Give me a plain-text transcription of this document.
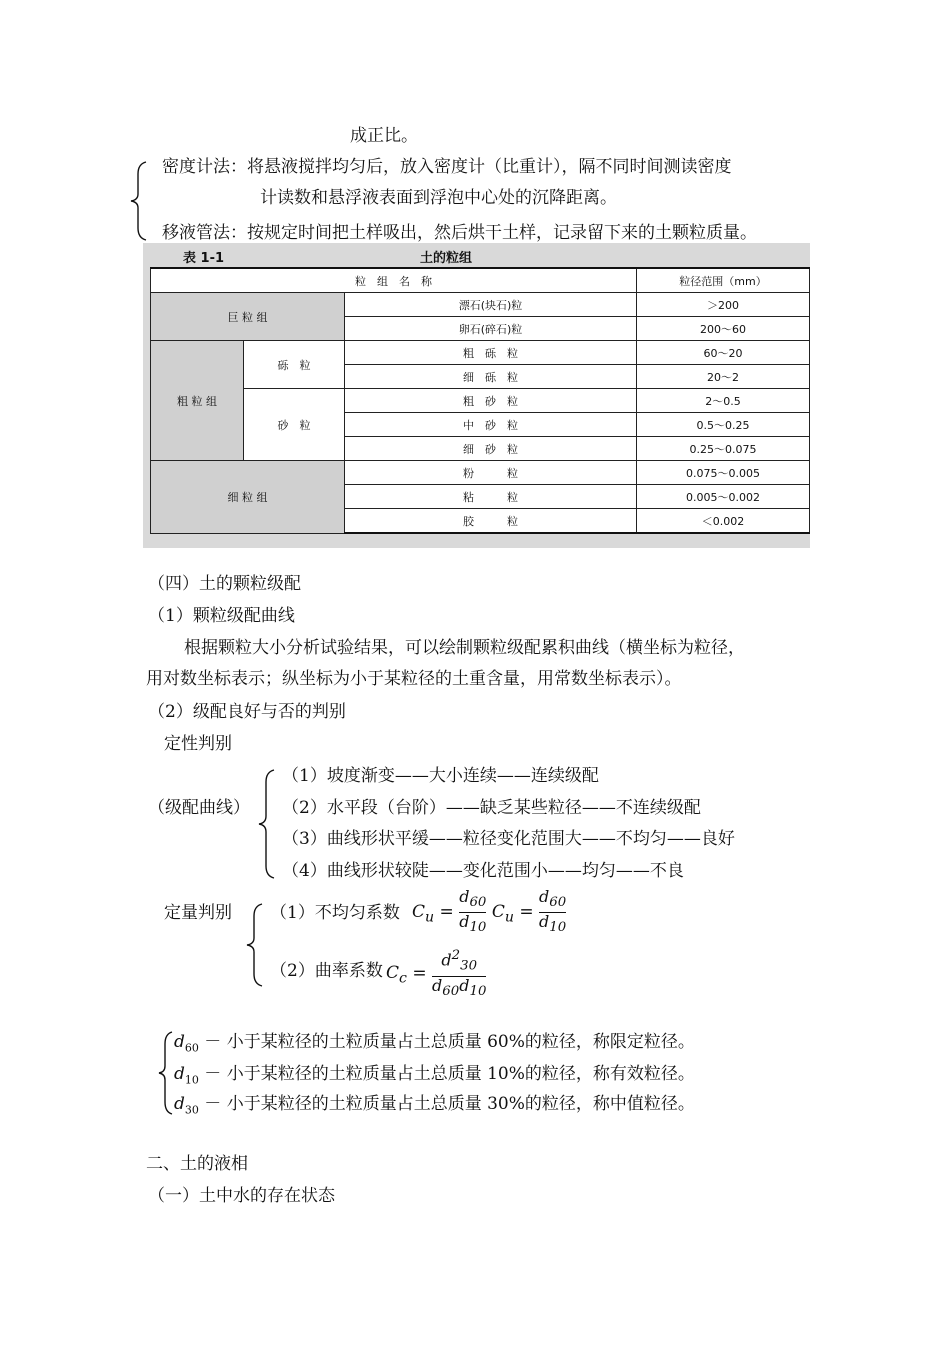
成正比。
密度计法：将悬液搅拌均匀后，放入密度计（比重计），隔不同时间测读密度
计读数和悬浮液表面到浮泡中心处的沉降距离。
移液管法：按规定时间把土样吸出，然后烘干土样，记录留下来的土颗粒质量。
表 1-1	土的粒组
粒　组　名　称			粒径范围（mm）
巨 粒 组		漂石(块石)粒	＞200
		卵石(碎石)粒	200～60
粗 粒 组	砾　粒	粗　砾　粒	60～20
		细　砾　粒	20～2
	砂　粒	粗　砂　粒	2～0.5
		中　砂　粒	0.5～0.25
		细　砂　粒	0.25～0.075
细 粒 组		粉　　　粒	0.075～0.005
		粘　　　粒	0.005～0.002
		胶　　　粒	＜0.002
（四）土的颗粒级配
（1）颗粒级配曲线
根据颗粒大小分析试验结果，可以绘制颗粒级配累积曲线（横坐标为粒径，
用对数坐标表示；纵坐标为小于某粒径的土重含量，用常数坐标表示）。
（2）级配良好与否的判别
定性判别
（级配曲线）
（1）坡度渐变——大小连续——连续级配
（2）水平段（台阶）——缺乏某些粒径——不连续级配
（3）曲线形状平缓——粒径变化范围大——不均匀——良好
（4）曲线形状较陡——变化范围小——均匀——不良
定量判别 （1）不均匀系数 $C_u = \frac{d_{60}}{d_{10}} C_u = \frac{d_{60}}{d_{10}}$
（2）曲率系数 $C_c = \frac{d^2_{30}}{d_{60}d_{10}}$
$d_{60}$ － 小于某粒径的土粒质量占土总质量 60%的粒径，称限定粒径。
$d_{10}$ － 小于某粒径的土粒质量占土总质量 10%的粒径，称有效粒径。
$d_{30}$ － 小于某粒径的土粒质量占土总质量 30%的粒径，称中值粒径。
二、土的液相
（一）土中水的存在状态
